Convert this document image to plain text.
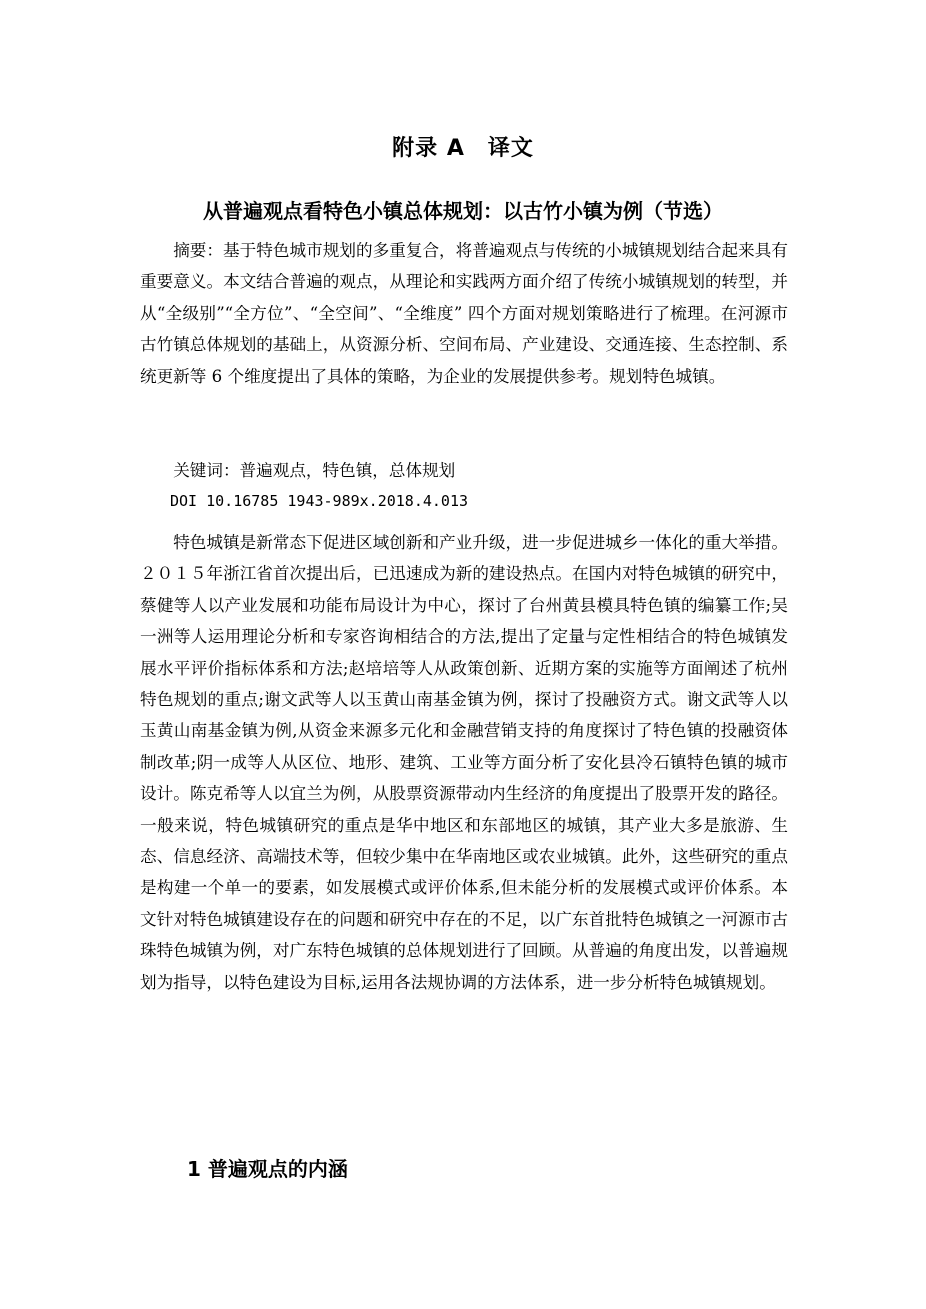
附录 A　译文
从普遍观点看特色小镇总体规划：以古竹小镇为例（节选）

摘要：基于特色城市规划的多重复合，将普遍观点与传统的小城镇规划结合起来具有重要意义。本文结合普遍的观点，从理论和实践两方面介绍了传统小城镇规划的转型，并从“全级别”“全方位”、“全空间”、“全维度” 四个方面对规划策略进行了梳理。在河源市古竹镇总体规划的基础上，从资源分析、空间布局、产业建设、交通连接、生态控制、系统更新等 6 个维度提出了具体的策略，为企业的发展提供参考。规划特色城镇。

关键词：普遍观点，特色镇，总体规划

DOI 10.16785 1943-989x.2018.4.013

特色城镇是新常态下促进区域创新和产业升级，进一步促进城乡一体化的重大举措。２０１５年浙江省首次提出后，已迅速成为新的建设热点。在国内对特色城镇的研究中，蔡健等人以产业发展和功能布局设计为中心，探讨了台州黄县模具特色镇的编纂工作;吴一洲等人运用理论分析和专家咨询相结合的方法,提出了定量与定性相结合的特色城镇发展水平评价指标体系和方法;赵培培等人从政策创新、近期方案的实施等方面阐述了杭州特色规划的重点;谢文武等人以玉黄山南基金镇为例，探讨了投融资方式。谢文武等人以玉黄山南基金镇为例,从资金来源多元化和金融营销支持的角度探讨了特色镇的投融资体制改革;阴一成等人从区位、地形、建筑、工业等方面分析了安化县冷石镇特色镇的城市设计。陈克希等人以宜兰为例，从股票资源带动内生经济的角度提出了股票开发的路径。一般来说，特色城镇研究的重点是华中地区和东部地区的城镇，其产业大多是旅游、生态、信息经济、高端技术等，但较少集中在华南地区或农业城镇。此外，这些研究的重点是构建一个单一的要素，如发展模式或评价体系,但未能分析的发展模式或评价体系。本文针对特色城镇建设存在的问题和研究中存在的不足，以广东首批特色城镇之一河源市古珠特色城镇为例，对广东特色城镇的总体规划进行了回顾。从普遍的角度出发，以普遍规划为指导，以特色建设为目标,运用各法规协调的方法体系，进一步分析特色城镇规划。

1 普遍观点的内涵
